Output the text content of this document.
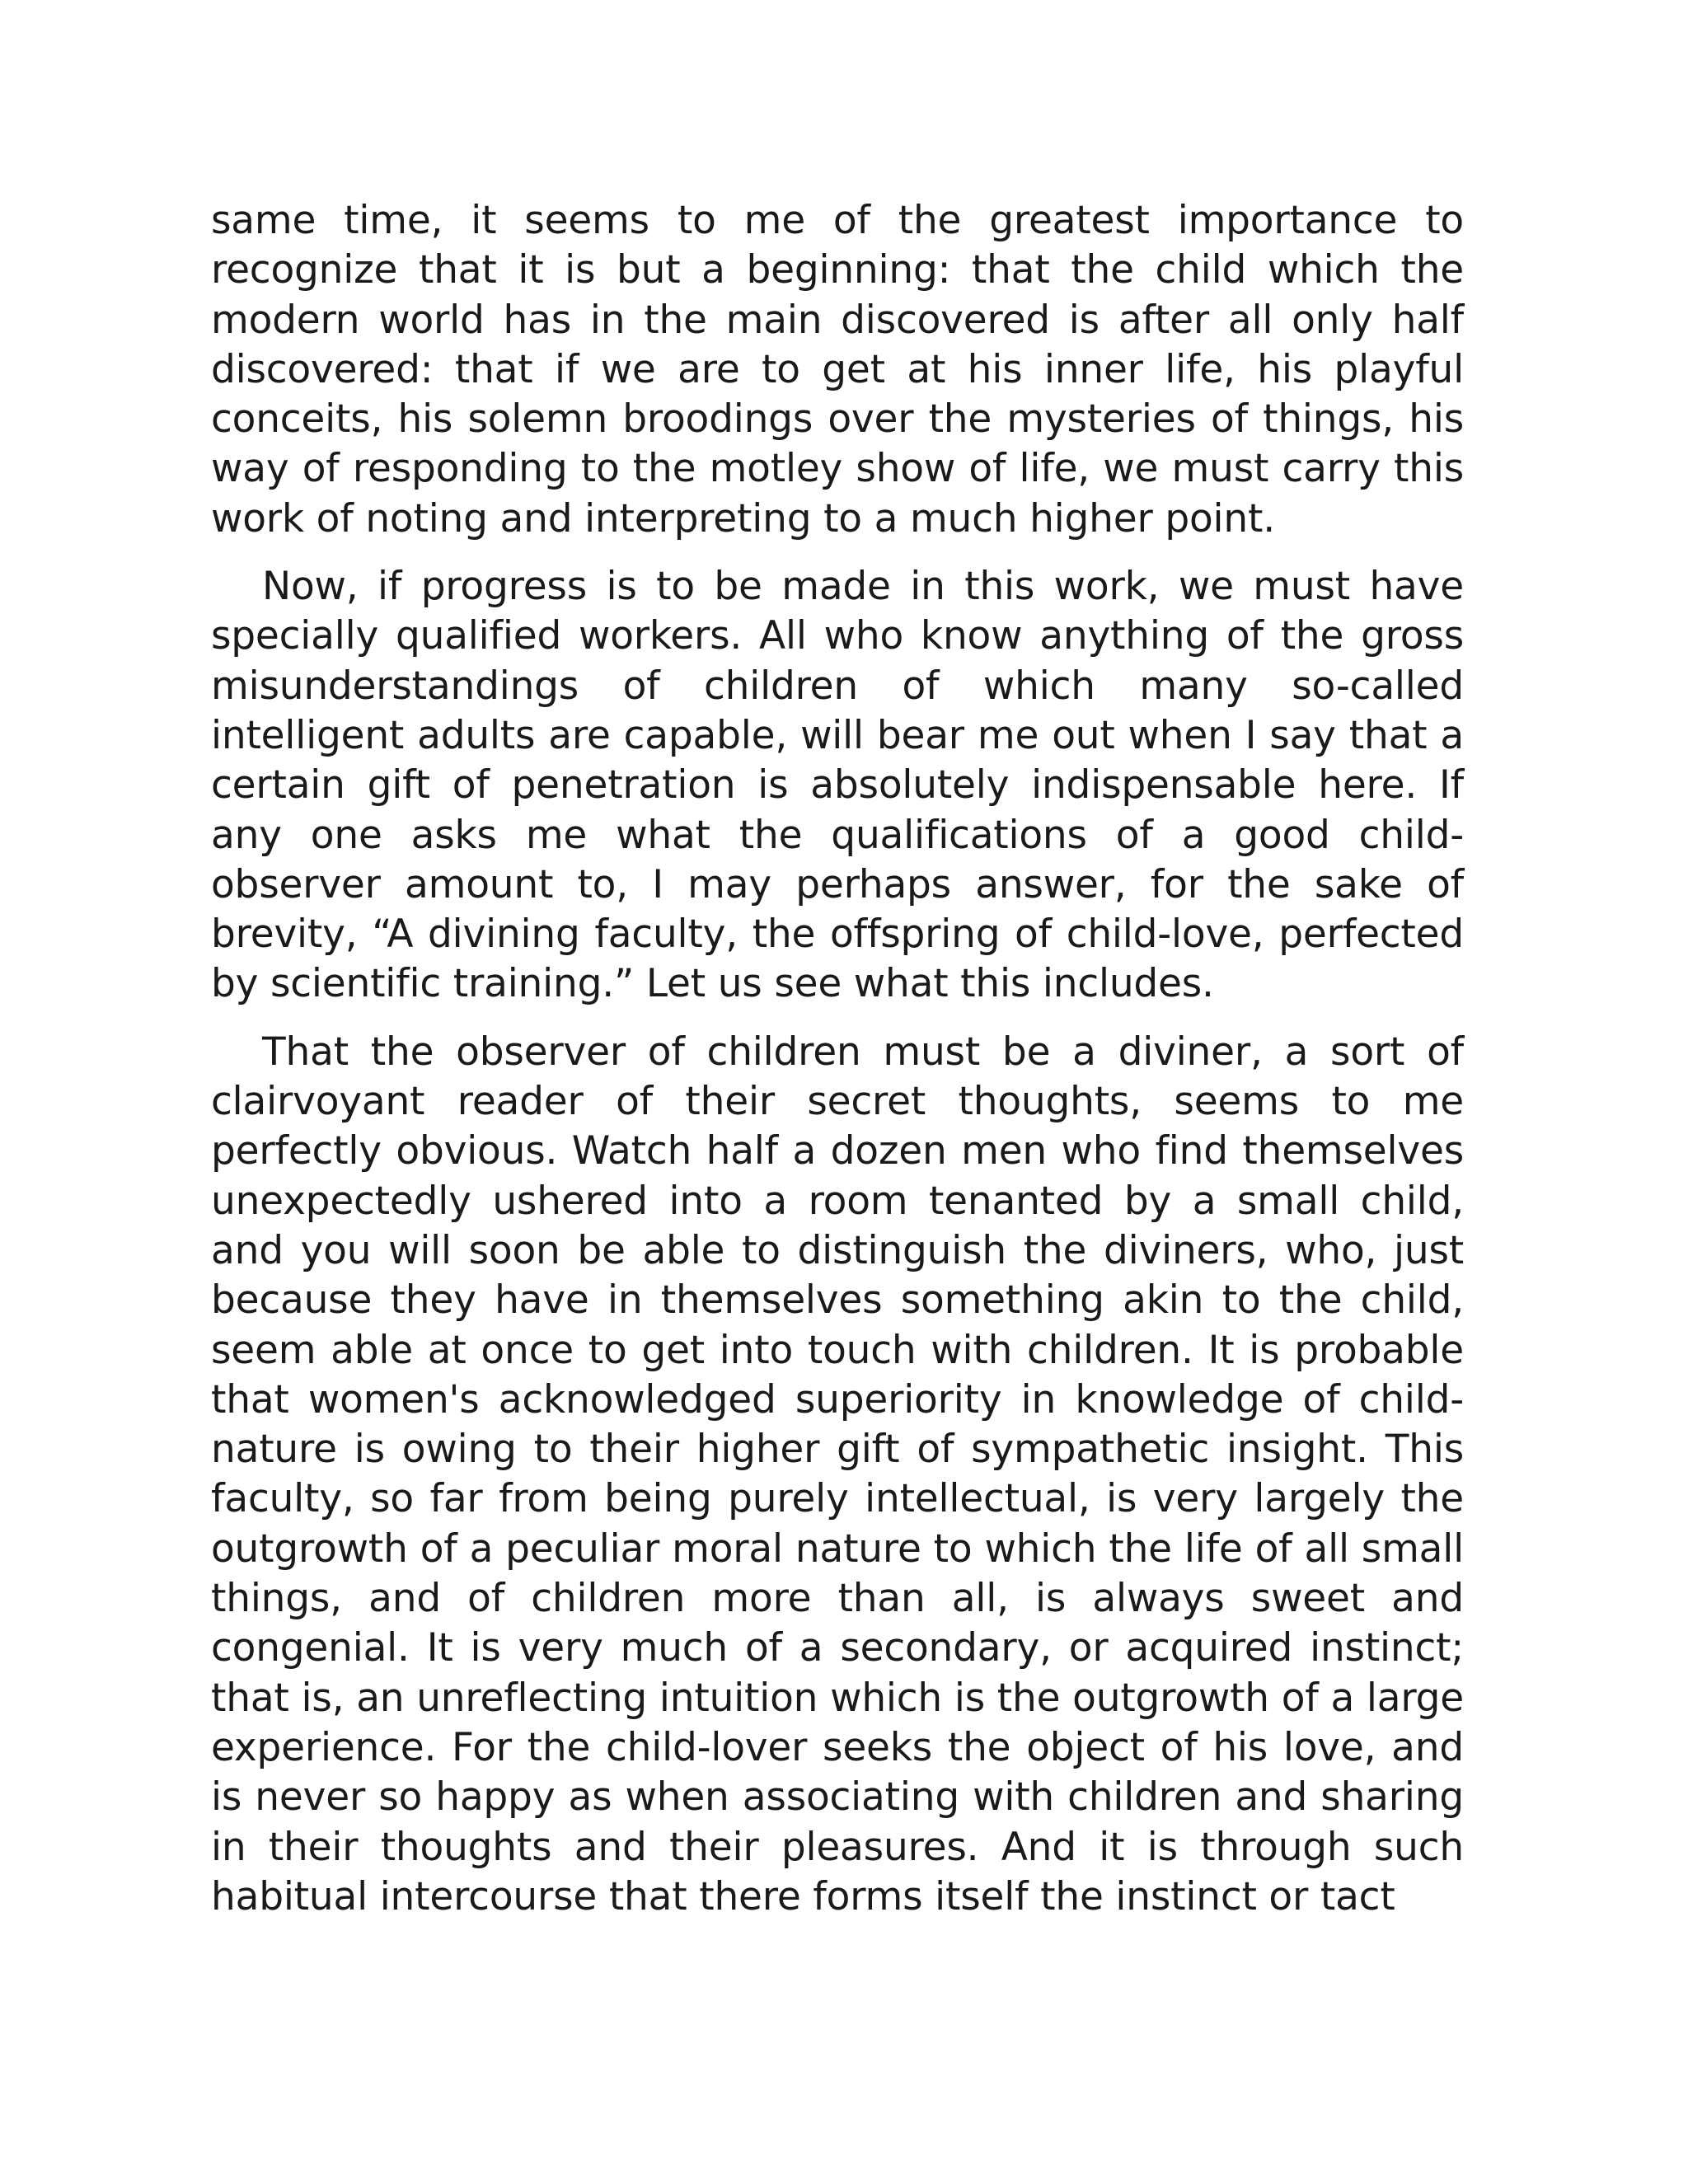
same time, it seems to me of the greatest importance to recognize that it is but a beginning: that the child which the modern world has in the main discovered is after all only half discovered: that if we are to get at his inner life, his playful conceits, his solemn broodings over the mysteries of things, his way of responding to the motley show of life, we must carry this work of noting and interpreting to a much higher point.

Now, if progress is to be made in this work, we must have specially qualified workers. All who know anything of the gross misunderstandings of children of which many so-called intelligent adults are capable, will bear me out when I say that a certain gift of penetration is absolutely indispensable here. If any one asks me what the qualifications of a good child-observer amount to, I may perhaps answer, for the sake of brevity, “A divining faculty, the offspring of child-love, perfected by scientific training.” Let us see what this includes.

That the observer of children must be a diviner, a sort of clairvoyant reader of their secret thoughts, seems to me perfectly obvious. Watch half a dozen men who find themselves unexpectedly ushered into a room tenanted by a small child, and you will soon be able to distinguish the diviners, who, just because they have in themselves something akin to the child, seem able at once to get into touch with children. It is probable that women's acknowledged superiority in knowledge of child-nature is owing to their higher gift of sympathetic insight. This faculty, so far from being purely intellectual, is very largely the outgrowth of a peculiar moral nature to which the life of all small things, and of children more than all, is always sweet and congenial. It is very much of a secondary, or acquired instinct; that is, an unreflecting intuition which is the outgrowth of a large experience. For the child-lover seeks the object of his love, and is never so happy as when associating with children and sharing in their thoughts and their pleasures. And it is through such habitual intercourse that there forms itself the instinct or tact
